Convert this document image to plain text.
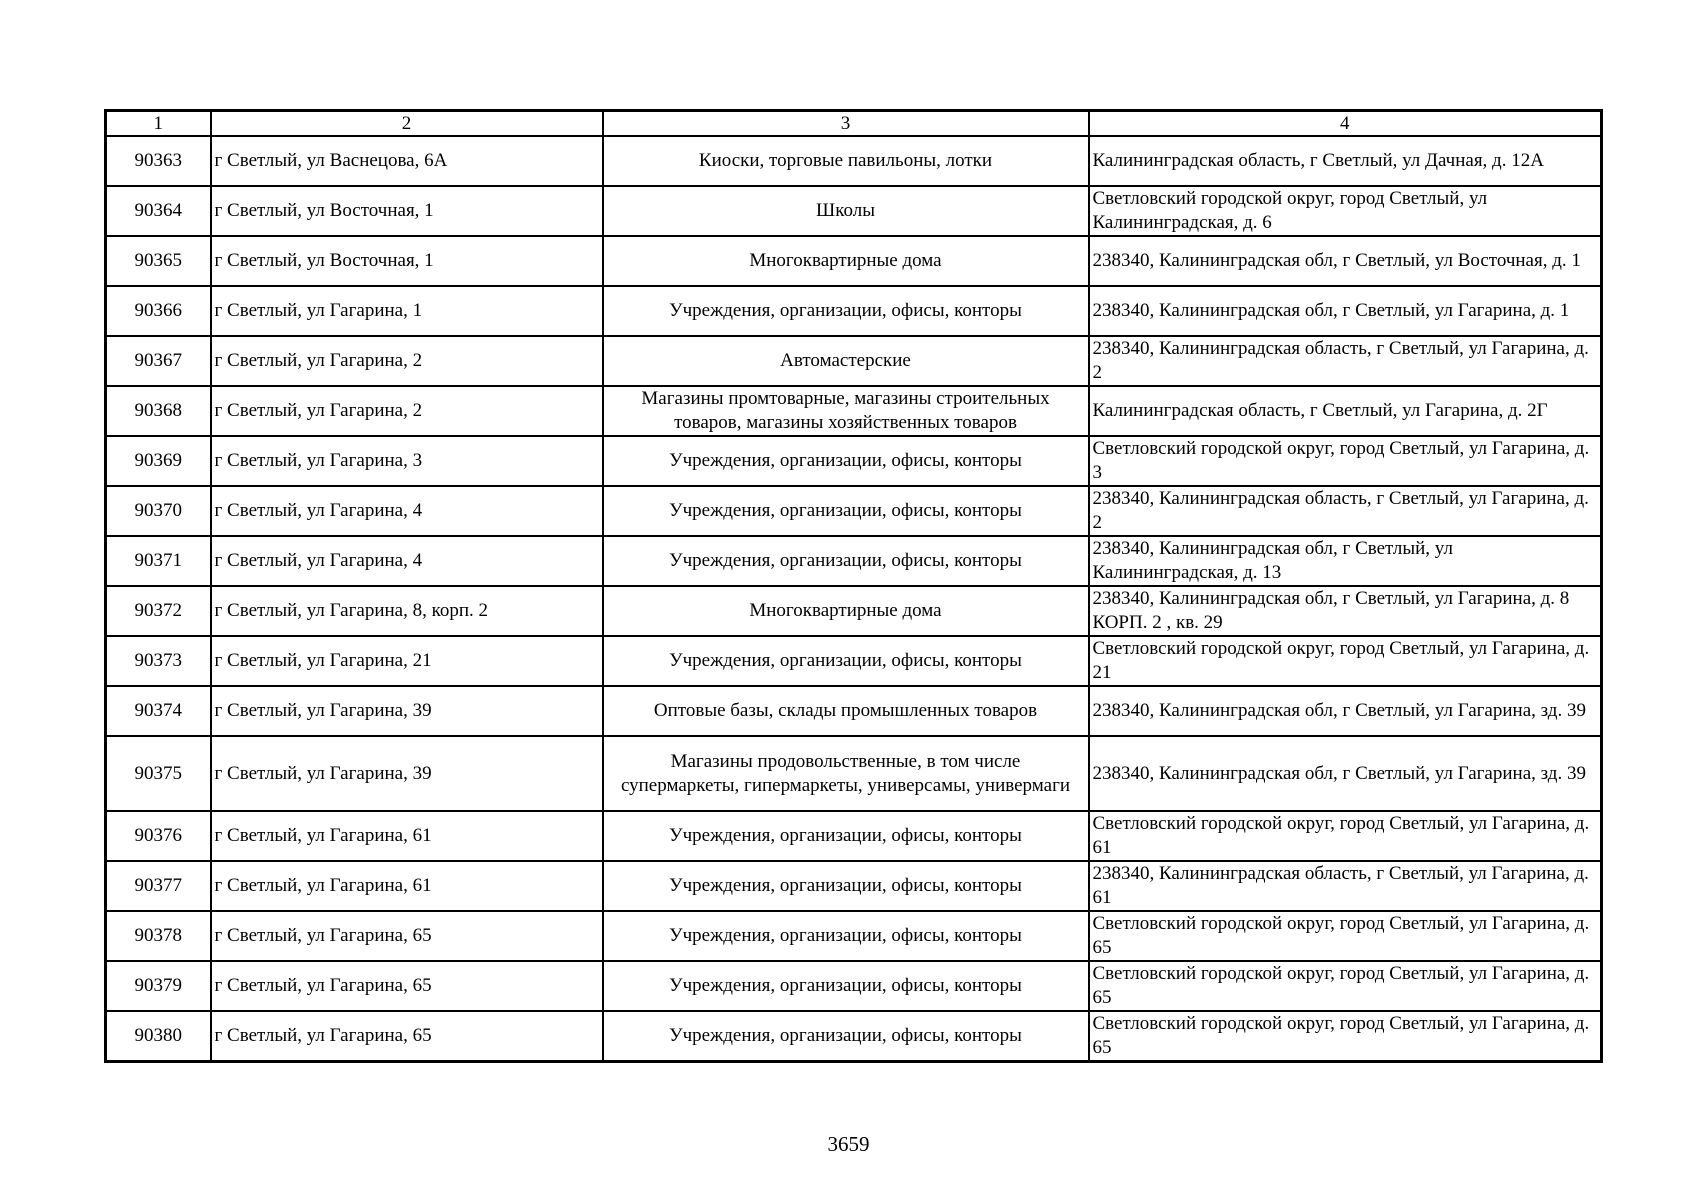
1	2	3	4
90363	г Светлый, ул Васнецова, 6А	Киоски, торговые павильоны, лотки	Калининградская область, г Светлый, ул Дачная, д. 12А
90364	г Светлый, ул Восточная, 1	Школы	Светловский городской округ, город Светлый, ул Калининградская, д. 6
90365	г Светлый, ул Восточная, 1	Многоквартирные дома	238340, Калининградская обл, г Светлый, ул Восточная, д. 1
90366	г Светлый, ул Гагарина, 1	Учреждения, организации, офисы, конторы	238340, Калининградская обл, г Светлый, ул Гагарина, д. 1
90367	г Светлый, ул Гагарина, 2	Автомастерские	238340, Калининградская область, г Светлый, ул Гагарина, д. 2
90368	г Светлый, ул Гагарина, 2	Магазины промтоварные, магазины строительных товаров, магазины хозяйственных товаров	Калининградская область, г Светлый, ул Гагарина, д. 2Г
90369	г Светлый, ул Гагарина, 3	Учреждения, организации, офисы, конторы	Светловский городской округ, город Светлый, ул Гагарина, д. 3
90370	г Светлый, ул Гагарина, 4	Учреждения, организации, офисы, конторы	238340, Калининградская область, г Светлый, ул Гагарина, д. 2
90371	г Светлый, ул Гагарина, 4	Учреждения, организации, офисы, конторы	238340, Калининградская обл, г Светлый, ул Калининградская, д. 13
90372	г Светлый, ул Гагарина, 8, корп. 2	Многоквартирные дома	238340, Калининградская обл, г Светлый, ул Гагарина, д. 8 КОРП. 2 , кв. 29
90373	г Светлый, ул Гагарина, 21	Учреждения, организации, офисы, конторы	Светловский городской округ, город Светлый, ул Гагарина, д. 21
90374	г Светлый, ул Гагарина, 39	Оптовые базы, склады промышленных товаров	238340, Калининградская обл, г Светлый, ул Гагарина, зд. 39
90375	г Светлый, ул Гагарина, 39	Магазины продовольственные, в том числе супермаркеты, гипермаркеты, универсамы, универмаги	238340, Калининградская обл, г Светлый, ул Гагарина, зд. 39
90376	г Светлый, ул Гагарина, 61	Учреждения, организации, офисы, конторы	Светловский городской округ, город Светлый, ул Гагарина, д. 61
90377	г Светлый, ул Гагарина, 61	Учреждения, организации, офисы, конторы	238340, Калининградская область, г Светлый, ул Гагарина, д. 61
90378	г Светлый, ул Гагарина, 65	Учреждения, организации, офисы, конторы	Светловский городской округ, город Светлый, ул Гагарина, д. 65
90379	г Светлый, ул Гагарина, 65	Учреждения, организации, офисы, конторы	Светловский городской округ, город Светлый, ул Гагарина, д. 65
90380	г Светлый, ул Гагарина, 65	Учреждения, организации, офисы, конторы	Светловский городской округ, город Светлый, ул Гагарина, д. 65
3659
